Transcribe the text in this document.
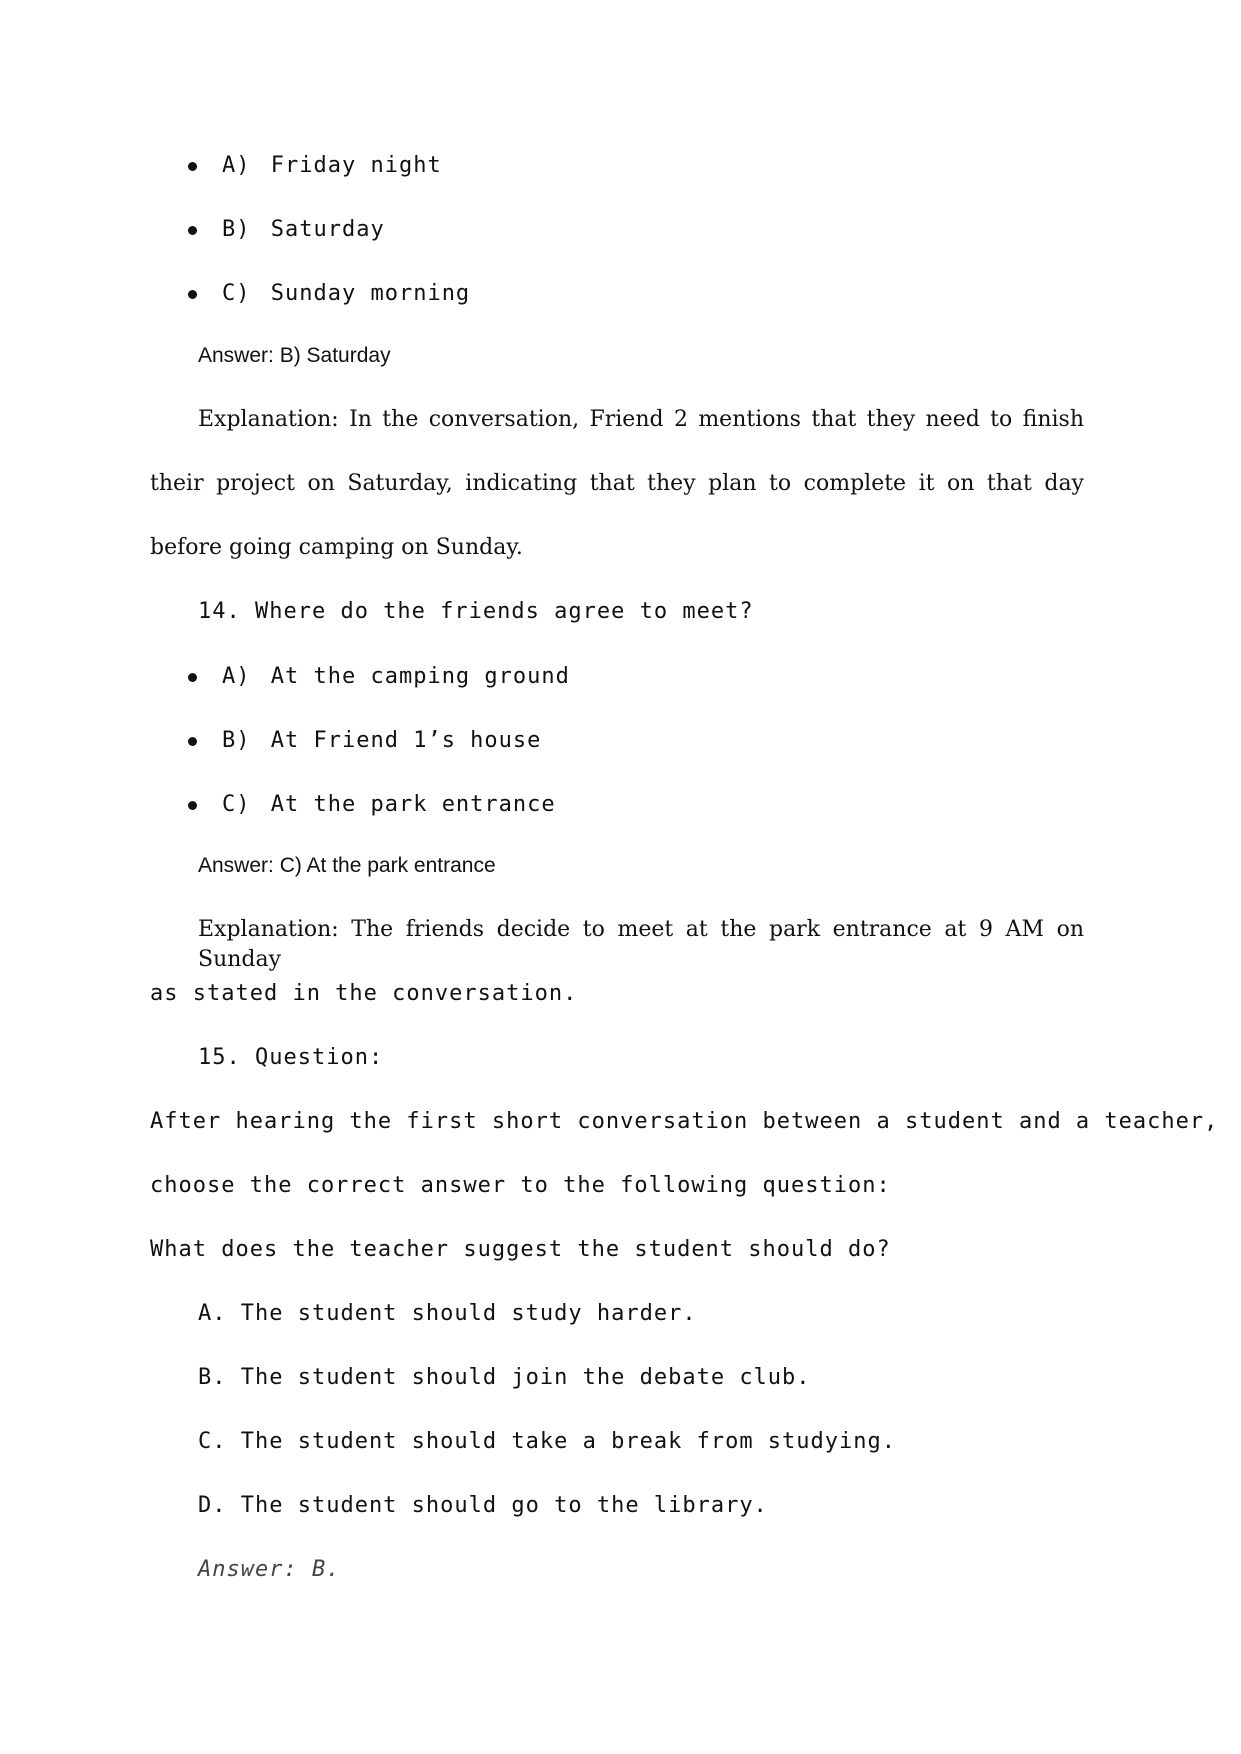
A) Friday night
B) Saturday
C) Sunday morning
Answer: B) Saturday
Explanation: In the conversation, Friend 2 mentions that they need to finish
their project on Saturday, indicating that they plan to complete it on that day
before going camping on Sunday.
14. Where do the friends agree to meet?
A) At the camping ground
B) At Friend 1’s house
C) At the park entrance
Answer: C) At the park entrance
Explanation: The friends decide to meet at the park entrance at 9 AM on Sunday
as stated in the conversation.
15. Question:
After hearing the first short conversation between a student and a teacher,
choose the correct answer to the following question:
What does the teacher suggest the student should do?
A. The student should study harder.
B. The student should join the debate club.
C. The student should take a break from studying.
D. The student should go to the library.
Answer: B.
